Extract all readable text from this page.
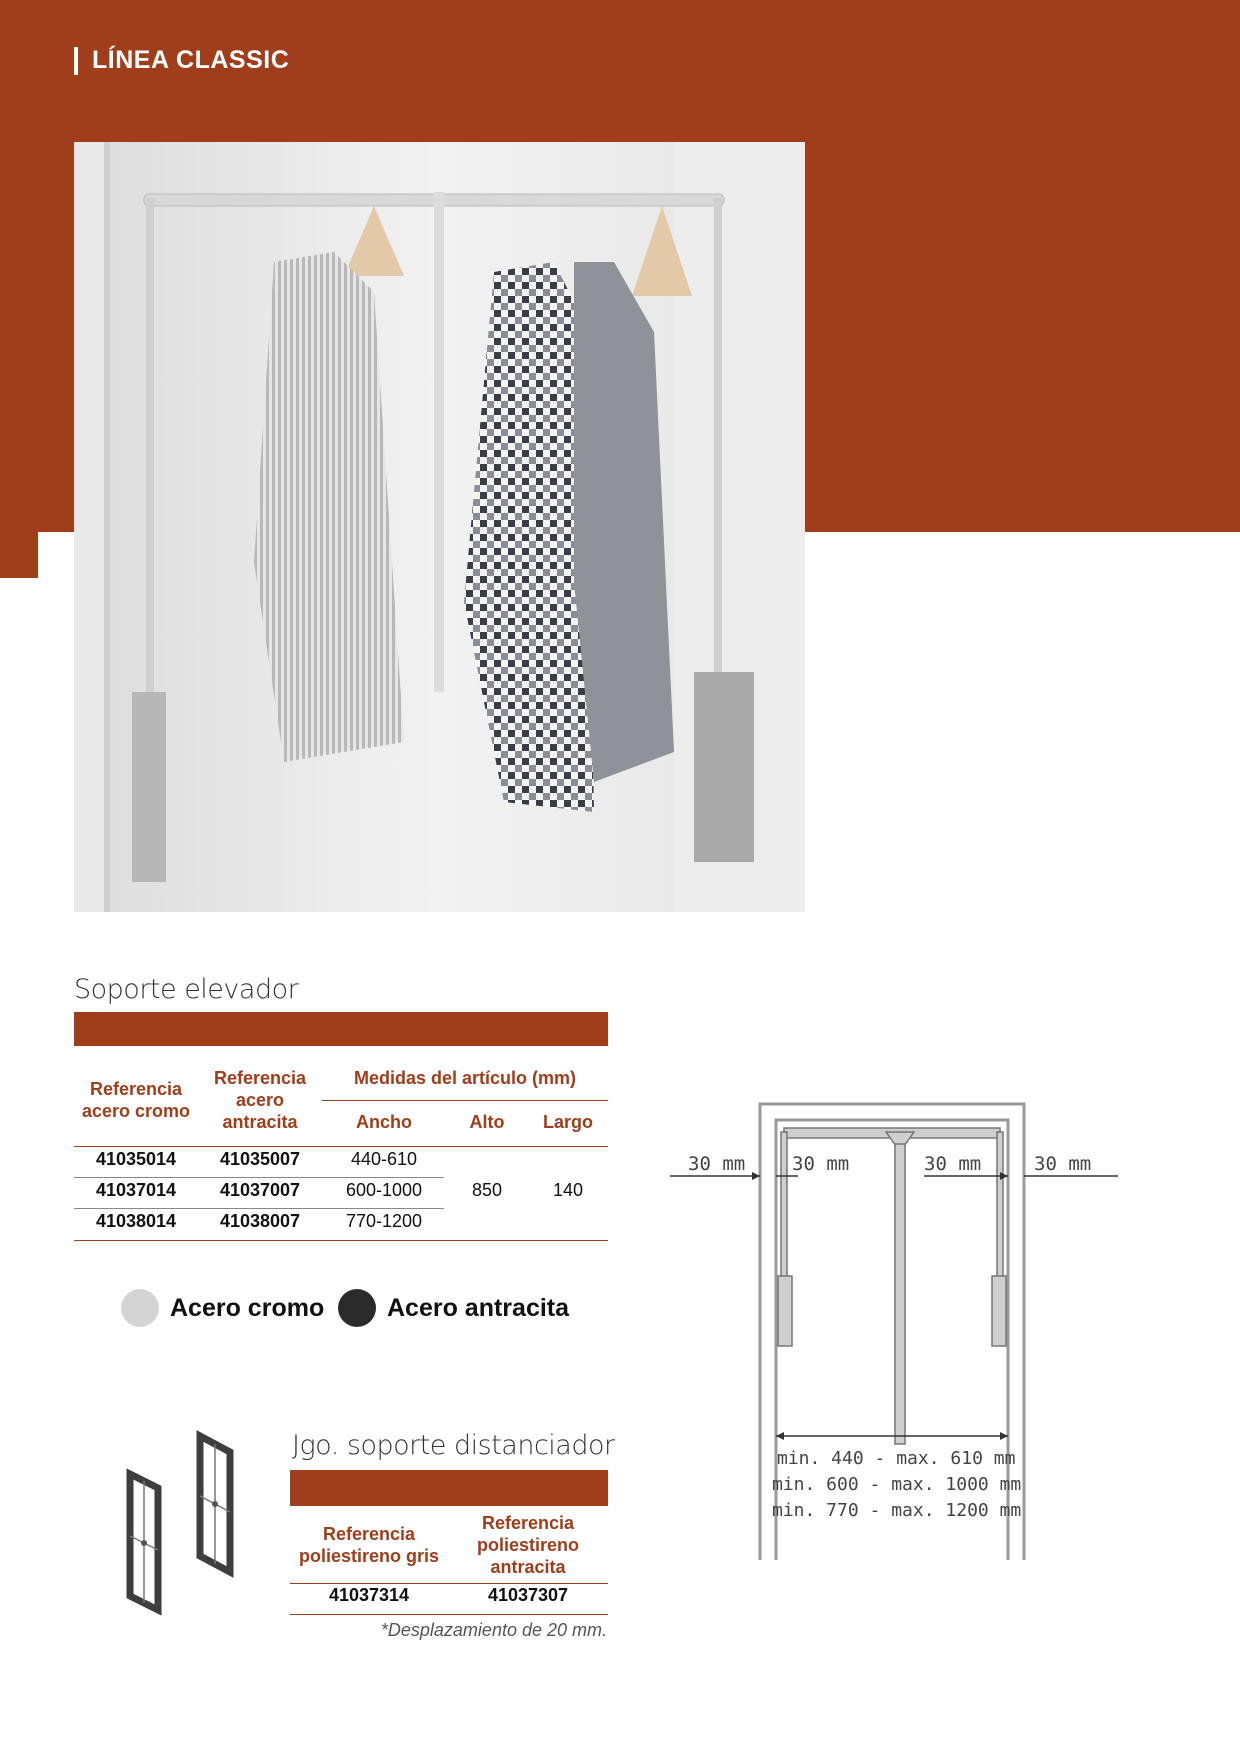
LÍNEA CLASSIC
Soporte elevador
Referencia acero cromo	Referencia acero antracita	Medidas del artículo (mm)		
		Ancho	Alto	Largo
41035014	41035007	440-610	850	140
41037014	41037007	600-1000		
41038014	41038007	770-1200		
Acero cromo	Acero antracita
Jgo. soporte distanciador
Referencia poliestireno gris	Referencia poliestireno antracita
41037314	41037307
*Desplazamiento de 20 mm.
30 mm 30 mm	30 mm	30 mm
min. 440 - max. 610 mm
min. 600 - max. 1000 mm
min. 770 - max. 1200 mm
